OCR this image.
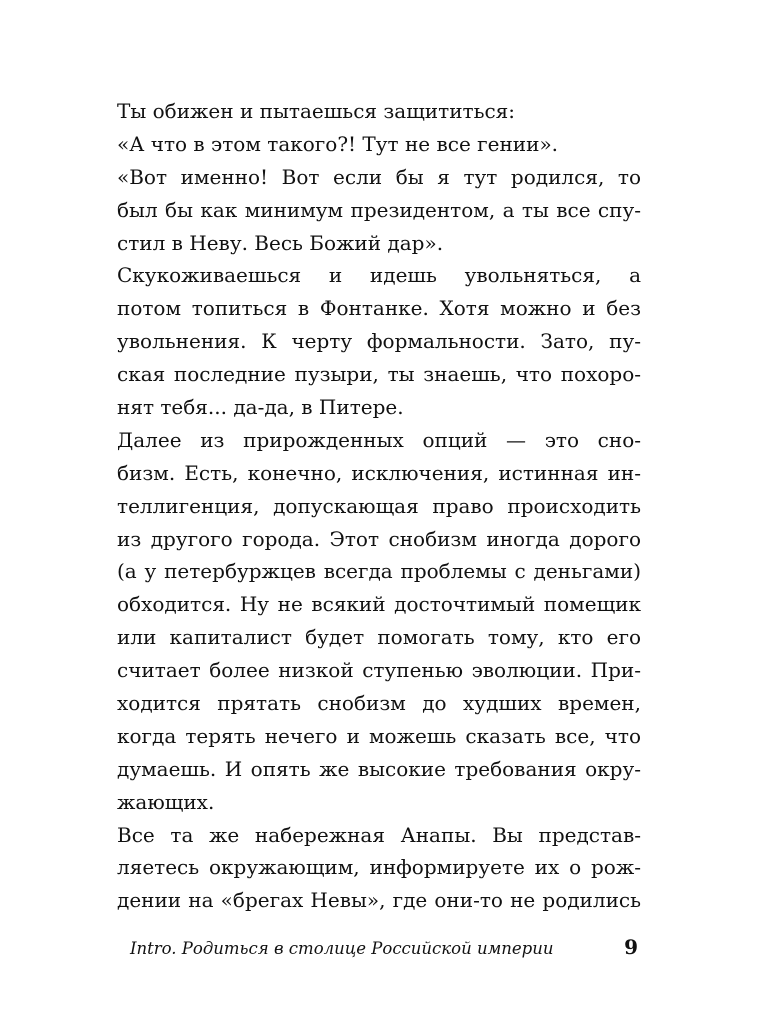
Ты обижен и пытаешься защититься:
«А что в этом такого?! Тут не все гении».
«Вот именно! Вот если бы я тут родился, то
был бы как минимум президентом, а ты все спу-
стил в Неву. Весь Божий дар».
Скукоживаешься и идешь увольняться, а
потом топиться в Фонтанке. Хотя можно и без
увольнения. К черту формальности. Зато, пу-
ская последние пузыри, ты знаешь, что похоро-
нят тебя... да-да, в Питере.
Далее из прирожденных опций — это сно-
бизм. Есть, конечно, исключения, истинная ин-
теллигенция, допускающая право происходить
из другого города. Этот снобизм иногда дорого
(а у петербуржцев всегда проблемы с деньгами)
обходится. Ну не всякий досточтимый помещик
или капиталист будет помогать тому, кто его
считает более низкой ступенью эволюции. При-
ходится прятать снобизм до худших времен,
когда терять нечего и можешь сказать все, что
думаешь. И опять же высокие требования окру-
жающих.
Все та же набережная Анапы. Вы представ-
ляетесь окружающим, информируете их о рож-
дении на «брегах Невы», где они-то не родились
Intro. Родиться в столице Российской империи	9
